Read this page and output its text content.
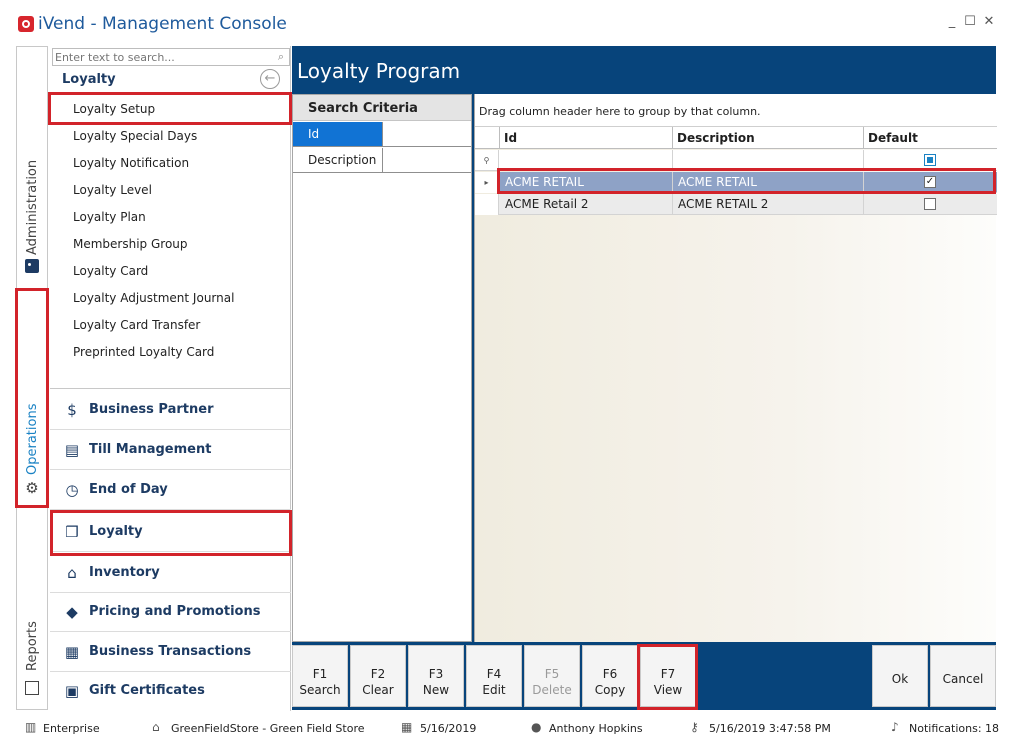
iVend - Management Console	_ ☐ ✕
Administration
Operations
⚙
Reports
Enter text to search...
⌕
Loyalty	←
Loyalty Setup
Loyalty Special Days
Loyalty Notification
Loyalty Level
Loyalty Plan
Membership Group
Loyalty Card
Loyalty Adjustment Journal
Loyalty Card Transfer
Preprinted Loyalty Card
$ Business Partner
▤ Till Management
◷ End of Day
❒ Loyalty
⌂ Inventory
◆ Pricing and Promotions
▦ Business Transactions
▣ Gift Certificates
Loyalty Program
Search Criteria
Id
Description
Drag column header here to group by that column.
Id	Description	Default
⚲
▸	ACME RETAIL	ACME RETAIL	✓
ACME Retail 2	ACME RETAIL 2
F1
Search
F2
Clear
F3
New
F4
Edit
F5
Delete
F6
Copy
F7
View
Ok	Cancel
▥ Enterprise	⌂	GreenFieldStore - Green Field Store	▦ 5/16/2019	● Anthony Hopkins	⚷ 5/16/2019 3:47:58 PM	♪ Notifications: 18
